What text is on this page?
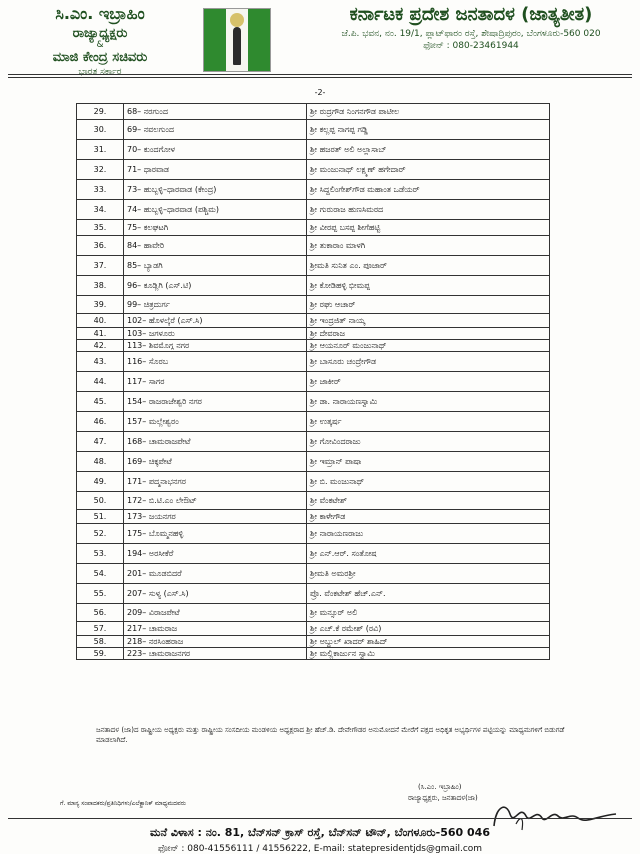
ಸಿ.ಎಂ. ಇಬ್ರಾಹಿಂ
ರಾಜ್ಯಾಧ್ಯಕ್ಷರು
&
ಮಾಜಿ ಕೇಂದ್ರ ಸಚಿವರು
ಭಾರತ ಸರ್ಕಾರ
ಕರ್ನಾಟಕ ಪ್ರದೇಶ ಜನತಾದಳ (ಜಾತ್ಯತೀತ)
ಜೆ.ಪಿ. ಭವನ, ನಂ. 19/1, ಪ್ಲಾಟ್‌ಫಾರಂ ರಸ್ತೆ, ಶೇಷಾದ್ರಿಪುರಂ, ಬೆಂಗಳೂರು-560 020
ಫೋನ್ : 080-23461944
-2-
29.	68– ನರಗುಂದ	ಶ್ರೀ ರುದ್ರಗೌಡ ನಿಂಗನಗೌಡ ಪಾಟೀಲ
30.	69– ನವಲಗುಂದ	ಶ್ರೀ ಕಲ್ಲಪ್ಪ ನಾಗಪ್ಪ ಗಡ್ಡಿ
31.	70– ಕುಂದಗೋಳ	ಶ್ರೀ ಹಜರತ್ ಅಲಿ ಅಲ್ಲಾಸಾಬ್
32.	71– ಧಾರವಾಡ	ಶ್ರೀ ಮಂಜುನಾಥ್ ಲಕ್ಷ್ಮಣ್ ಹಗೇದಾರ್
33.	73– ಹುಬ್ಬಳ್ಳಿ–ಧಾರವಾಡ (ಕೇಂದ್ರ)	ಶ್ರೀ ಸಿದ್ದಲಿಂಗೇಶ್‌ಗೌಡ ಮಹಾಂತ ಒಡೆಯರ್
34.	74– ಹುಬ್ಬಳ್ಳಿ–ಧಾರವಾಡ (ಪಶ್ಚಿಮ)	ಶ್ರೀ ಗುರುರಾಜ ಹುಣಸಿಮರದ
35.	75– ಕಲಘಟಗಿ	ಶ್ರೀ ವೀರಪ್ಪ ಬಸಪ್ಪ ಶೀಗೆಹಟ್ಟಿ
36.	84– ಹಾವೇರಿ	ಶ್ರೀ ತುಕಾರಾಂ ಮಾಳಗಿ
37.	85– ಬ್ಯಾಡಗಿ	ಶ್ರೀಮತಿ ಸುನಿತ ಎಂ. ಪೂಜಾರ್
38.	96– ಕೂಡ್ಲಿಗಿ (ಎಸ್.ಟಿ)	ಶ್ರೀ ಕೋಡಿಹಳ್ಳಿ ಭೀಮಪ್ಪ
39.	99– ಚಿತ್ರದುರ್ಗ	ಶ್ರೀ ರಘು ಆಚಾರ್
40.	102– ಹೊಳಲ್ಕೆರೆ (ಎಸ್.ಸಿ)	ಶ್ರೀ ಇಂದ್ರಜಿತ್ ನಾಯ್ಕ
41.	103– ಜಗಳೂರು	ಶ್ರೀ ದೇವರಾಜ
42.	113– ಶಿವಮೊಗ್ಗ ನಗರ	ಶ್ರೀ ಆಯನೂರ್ ಮಂಜುನಾಥ್
43.	116– ಸೊರಬ	ಶ್ರೀ ಬಾಸೂರು ಚಂದ್ರೇಗೌಡ
44.	117– ಸಾಗರ	ಶ್ರೀ ಜಾಕೀರ್
45.	154– ರಾಜರಾಜೇಶ್ವರಿ ನಗರ	ಶ್ರೀ ಡಾ. ನಾರಾಯಣಸ್ವಾಮಿ
46.	157– ಮಲ್ಲೇಶ್ವರಂ	ಶ್ರೀ ಉತ್ಕರ್ಷ
47.	168– ಚಾಮರಾಜಪೇಟೆ	ಶ್ರೀ ಗೋವಿಂದರಾಜು
48.	169– ಚಿಕ್ಕಪೇಟೆ	ಶ್ರೀ ಇಮ್ರಾನ್ ಪಾಷಾ
49.	171– ಪದ್ಮನಾಭನಗರ	ಶ್ರೀ ಬಿ. ಮಂಜುನಾಥ್
50.	172– ಬಿ.ಟಿ.ಎಂ ಲೇಔಟ್	ಶ್ರೀ ವೆಂಕಟೇಶ್
51.	173– ಜಯನಗರ	ಶ್ರೀ ಕಾಳೇಗೌಡ
52.	175– ಬೊಮ್ಮನಹಳ್ಳಿ	ಶ್ರೀ ನಾರಾಯಣರಾಜು
53.	194– ಅರಸೀಕೆರೆ	ಶ್ರೀ ಎನ್.ಆರ್. ಸಂತೋಷ
54.	201– ಮೂಡಬಿದರೆ	ಶ್ರೀಮತಿ ಅಮರಶ್ರೀ
55.	207– ಸುಳ್ಯ (ಎಸ್.ಸಿ)	ಪ್ರೊ. ವೆಂಕಟೇಶ್ ಹೆಚ್.ಎನ್.
56.	209– ವಿರಾಜಪೇಟೆ	ಶ್ರೀ ಮನ್ಸೂರ್ ಅಲಿ
57.	217– ಚಾಮರಾಜ	ಶ್ರೀ ಎಚ್.ಕೆ ರಮೇಶ್ (ರವಿ)
58.	218– ನರಸಿಂಹರಾಜ	ಶ್ರೀ ಅಬ್ದುಲ್ ಖಾದರ್ ಶಾಹಿದ್
59.	223– ಚಾಮರಾಜನಗರ	ಶ್ರೀ ಮಲ್ಲಿಕಾರ್ಜುನ ಸ್ವಾಮಿ
ಜನತಾದಳ (ಜಾ)ದ ರಾಷ್ಟ್ರೀಯ ಅಧ್ಯಕ್ಷರು ಮತ್ತು ರಾಷ್ಟ್ರೀಯ ಸಂಸದೀಯ ಮಂಡಳಿಯ ಅಧ್ಯಕ್ಷರಾದ ಶ್ರೀ ಹೆಚ್.ಡಿ. ದೇವೇಗೌಡರ ಅನುಮೋದನೆ ಮೇರೆಗೆ ಪಕ್ಷದ ಅಧಿಕೃತ ಅಭ್ಯರ್ಥಿಗಳ ಪಟ್ಟಿಯನ್ನು ಮಾಧ್ಯಮಗಳಿಗೆ ಬಿಡುಗಡೆ ಮಾಡಲಾಗಿದೆ.
(ಸಿ.ಎಂ. ಇಬ್ರಾಹಿಂ)
ರಾಜ್ಯಾಧ್ಯಕ್ಷರು, ಜನತಾದಳ(ಜಾ)
ಗೆ. ಮಾನ್ಯ ಸಂಪಾದಕರು/ಪ್ರತಿನಿಧಿಗಳು/ಎಲೆಕ್ಟ್ರಾನಿಕ್ ಮಾಧ್ಯಮದವರು
ಮನೆ ವಿಳಾಸ : ನಂ. 81, ಬೆನ್‌ಸನ್ ಕ್ರಾಸ್ ರಸ್ತೆ, ಬೆನ್‌ಸನ್ ಟೌನ್, ಬೆಂಗಳೂರು-560 046
ಫೋನ್ : 080-41556111 / 41556222, E-mail: statepresidentjds@gmail.com
